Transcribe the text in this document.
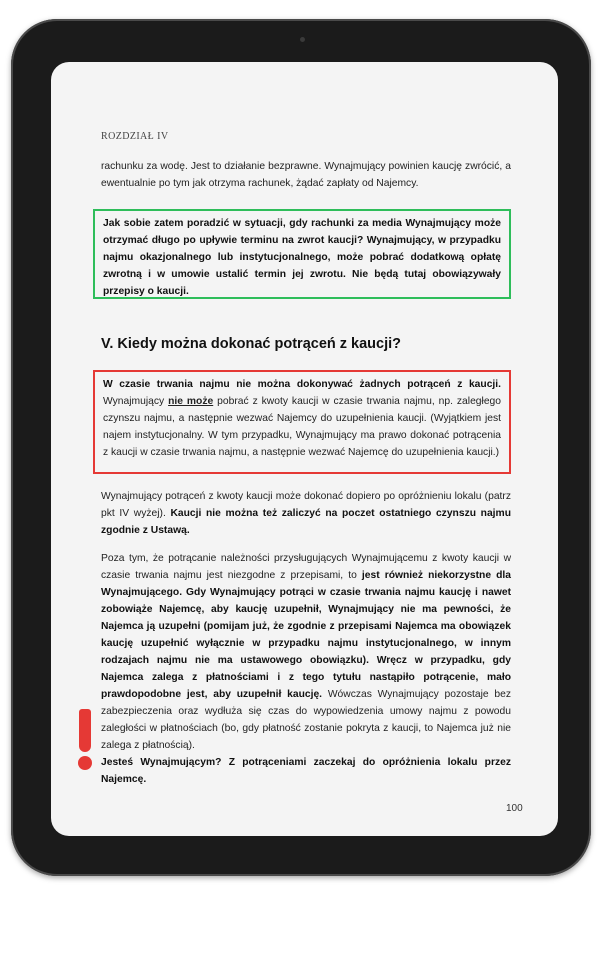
ROZDZIAŁ IV
rachunku za wodę. Jest to działanie bezprawne. Wynajmujący powinien kaucję zwrócić, a ewentualnie po tym jak otrzyma rachunek, żądać zapłaty od Najemcy.
Jak sobie zatem poradzić w sytuacji, gdy rachunki za media Wynajmujący może otrzymać długo po upływie terminu na zwrot kaucji? Wynajmujący, w przypadku najmu okazjonalnego lub instytucjonalnego, może pobrać dodatkową opłatę zwrotną i w umowie ustalić termin jej zwrotu. Nie będą tutaj obowiązywały przepisy o kaucji.
V. Kiedy można dokonać potrąceń z kaucji?
W czasie trwania najmu nie można dokonywać żadnych potrąceń z kaucji. Wynajmujący nie może pobrać z kwoty kaucji w czasie trwania najmu, np. zaległego czynszu najmu, a następnie wezwać Najemcy do uzupełnienia kaucji. (Wyjątkiem jest najem instytucjonalny. W tym przypadku, Wynajmujący ma prawo dokonać potrącenia z kaucji w czasie trwania najmu, a następnie wezwać Najemcę do uzupełnienia kaucji.)
Wynajmujący potrąceń z kwoty kaucji może dokonać dopiero po opróżnieniu lokalu (patrz pkt IV wyżej). Kaucji nie można też zaliczyć na poczet ostatniego czynszu najmu zgodnie z Ustawą.
Poza tym, że potrącanie należności przysługujących Wynajmującemu z kwoty kaucji w czasie trwania najmu jest niezgodne z przepisami, to jest również niekorzystne dla Wynajmującego. Gdy Wynajmujący potrąci w czasie trwania najmu kaucję i nawet zobowiąże Najemcę, aby kaucję uzupełnił, Wynajmujący nie ma pewności, że Najemca ją uzupełni (pomijam już, że zgodnie z przepisami Najemca ma obowiązek kaucję uzupełnić wyłącznie w przypadku najmu instytucjonalnego, w innym rodzajach najmu nie ma ustawowego obowiązku). Wręcz w przypadku, gdy Najemca zalega z płatnościami i z tego tytułu nastąpiło potrącenie, mało prawdopodobne jest, aby uzupełnił kaucję. Wówczas Wynajmujący pozostaje bez zabezpieczenia oraz wydłuża się czas do wypowiedzenia umowy najmu z powodu zaległości w płatnościach (bo, gdy płatność zostanie pokryta z kaucji, to Najemca już nie zalega z płatnością).
Jesteś Wynajmującym? Z potrąceniami zaczekaj do opróżnienia lokalu przez Najemcę.
100
